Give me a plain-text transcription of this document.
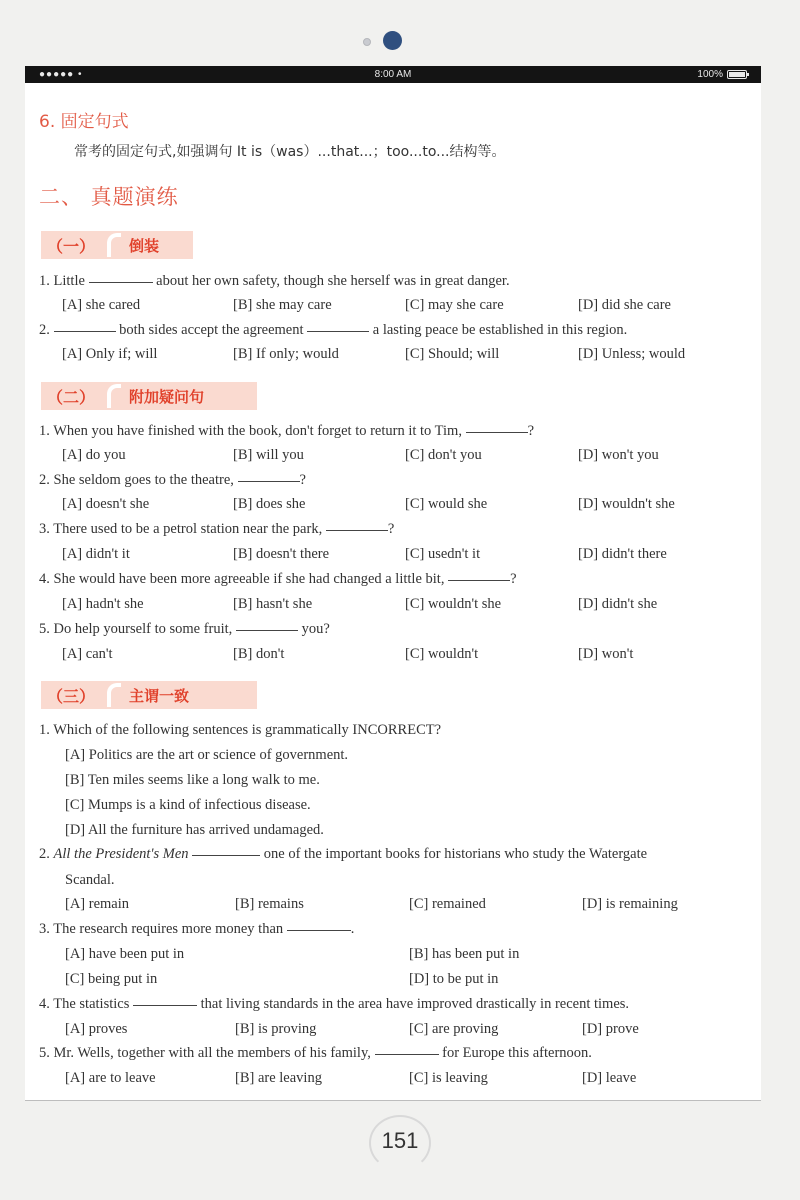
●●●●● •	8:00 AM	100%
6. 固定句式
常考的固定句式,如强调句 It is（was）...that...；too...to...结构等。
二、 真题演练
（一） 倒装
1. Little	about her own safety, though she herself was in great danger.
[A] she cared	[B] she may care	[C] may she care	[D] did she care
2.	both sides accept the agreement	a lasting peace be established in this region.
[A] Only if; will	[B] If only; would	[C] Should; will	[D] Unless; would
（二） 附加疑问句
1. When you have finished with the book, don't forget to return it to Tim,	?
[A] do you	[B] will you	[C] don't you	[D] won't you
2. She seldom goes to the theatre,	?
[A] doesn't she	[B] does she	[C] would she	[D] wouldn't she
3. There used to be a petrol station near the park,	?
[A] didn't it	[B] doesn't there	[C] usedn't it	[D] didn't there
4. She would have been more agreeable if she had changed a little bit,	?
[A] hadn't she	[B] hasn't she	[C] wouldn't she	[D] didn't she
5. Do help yourself to some fruit,	you?
[A] can't	[B] don't	[C] wouldn't	[D] won't
（三） 主谓一致
1. Which of the following sentences is grammatically INCORRECT?
[A] Politics are the art or science of government.
[B] Ten miles seems like a long walk to me.
[C] Mumps is a kind of infectious disease.
[D] All the furniture has arrived undamaged.
2. All the President's Men	one of the important books for historians who study the Watergate
Scandal.
[A] remain	[B] remains	[C] remained	[D] is remaining
3. The research requires more money than	.
[A] have been put in	[B] has been put in
[C] being put in	[D] to be put in
4. The statistics	that living standards in the area have improved drastically in recent times.
[A] proves	[B] is proving	[C] are proving	[D] prove
5. Mr. Wells, together with all the members of his family,	for Europe this afternoon.
[A] are to leave	[B] are leaving	[C] is leaving	[D] leave
151
